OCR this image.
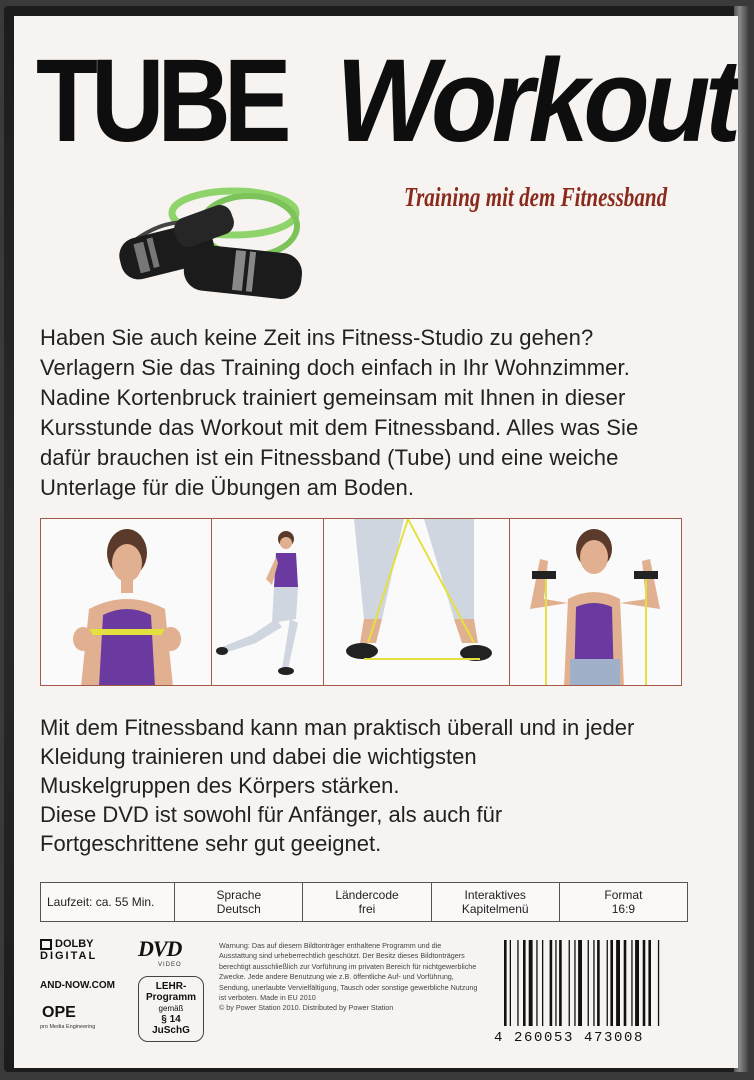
TUBE Workout
Training mit dem Fitnessband

Haben Sie auch keine Zeit ins Fitness-Studio zu gehen?

Verlagern Sie das Training doch einfach in Ihr Wohnzimmer.

Nadine Kortenbruck trainiert gemeinsam mit Ihnen in dieser

Kursstunde das Workout mit dem Fitnessband. Alles was Sie

dafür brauchen ist ein Fitnessband (Tube) und eine weiche

Unterlage für die Übungen am Boden.

Mit dem Fitnessband kann man praktisch überall und in jeder

Kleidung trainieren und dabei die wichtigsten

Muskelgruppen des Körpers stärken.

Diese DVD ist sowohl für Anfänger, als auch für

Fortgeschrittene sehr gut geeignet.

Laufzeit: ca. 55 Min.	Sprache
Deutsch
Ländercode
frei
Interaktives
Kapitelmenü
Format
16:9
DOLBY
DIGITAL DVD
VIDEO
AND-NOW.COM
OPE
pro Media Engineering
LEHR-
Programm
gemäß
§ 14
JuSchG
Warnung: Das auf diesem Bildtonträger enthaltene Programm und die Ausstattung sind urheberrechtlich geschützt. Der Besitz dieses Bildtonträgers berechtigt ausschließlich zur Vorführung im privaten Bereich für nichtgewerbliche Zwecke. Jede andere Benutzung wie z.B. öffentliche Auf- und Vorführung, Sendung, unerlaubte Vervielfältigung, Tausch oder sonstige gewerbliche Nutzung ist verboten. Made in EU 2010
© by Power Station 2010. Distributed by Power Station
4 260053 473008
